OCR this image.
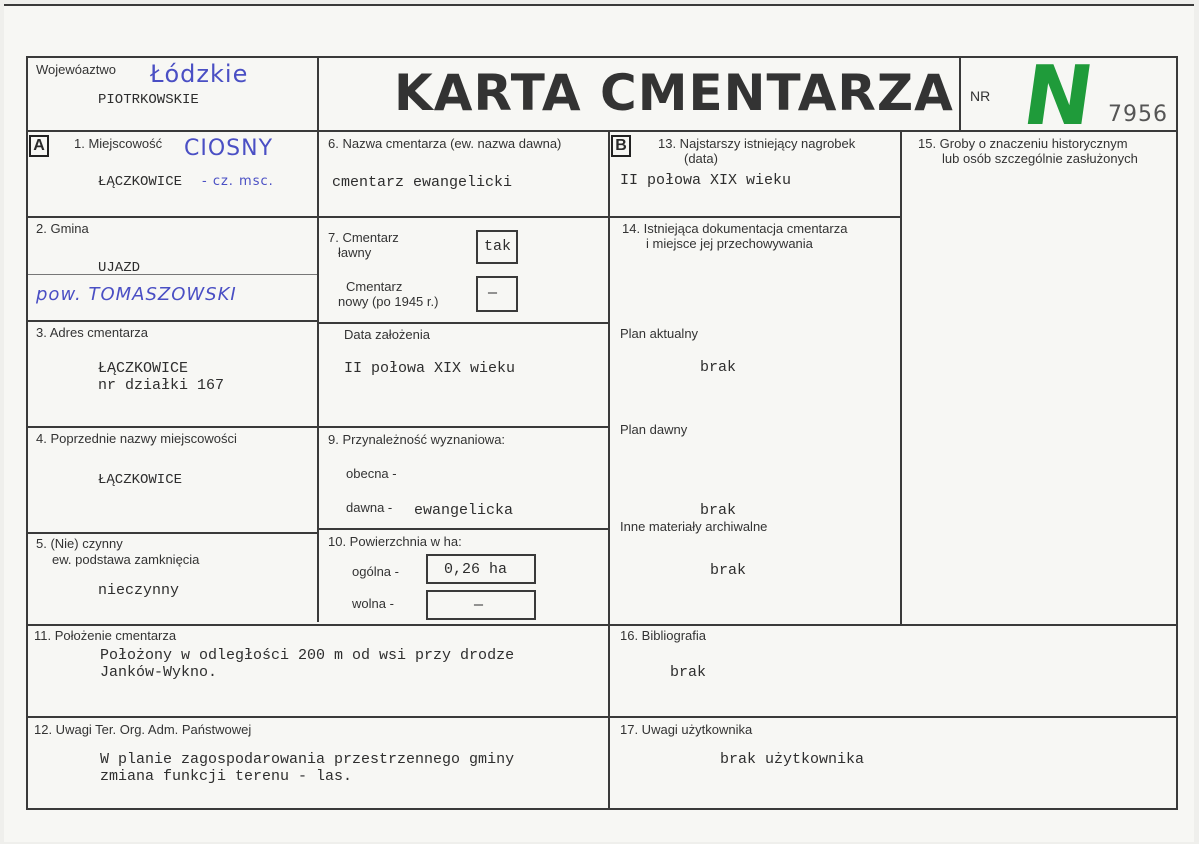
Wojewóaztwo Łódzkie
PIOTRKOWSKIE	KARTA CMENTARZA NR N 7956
A	B
1. Miejscowość CIOSNY
ŁĄCZKOWICE - cz. msc.
2. Gmina
UJAZD
pow. TOMASZOWSKI
3. Adres cmentarza
ŁĄCZKOWICE
nr działki 167
4. Poprzednie nazwy miejscowości
ŁĄCZKOWICE
5. (Nie) czynny
ew. podstawa zamknięcia
nieczynny
6. Nazwa cmentarza (ew. nazwa dawna)
cmentarz ewangelicki
7. Cmentarz
ławny	tak
Cmentarz
nowy (po 1945 r.)	—
Data założenia
II połowa XIX wieku
9. Przynależność wyznaniowa:
obecna -
dawna - ewangelicka
10. Powierzchnia w ha:
ogólna -	0,26 ha
wolna -	—
11. Położenie cmentarza
Położony w odległości 200 m od wsi przy drodze
Janków-Wykno.
12. Uwagi Ter. Org. Adm. Państwowej
W planie zagospodarowania przestrzennego gminy
zmiana funkcji terenu - las.
13. Najstarszy istniejący nagrobek
(data)
II połowa XIX wieku
14. Istniejąca dokumentacja cmentarza
i miejsce jej przechowywania
Plan aktualny
brak
Plan dawny
brak
Inne materiały archiwalne
brak
15. Groby o znaczeniu historycznym
lub osób szczególnie zasłużonych
16. Bibliografia
brak
17. Uwagi użytkownika
brak użytkownika
